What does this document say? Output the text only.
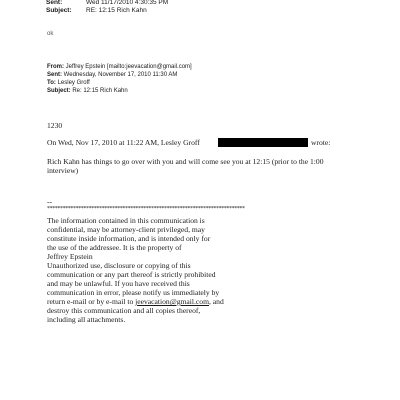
Sent:	Wed 11/17/2010 4:30:35 PM
Subject: RE: 12:15 Rich Kahn
ok
From: Jeffrey Epstein [mailto:jeevacation@gmail.com]
Sent: Wednesday, November 17, 2010 11:30 AM
To: Lesley Groff
Subject: Re: 12:15 Rich Kahn
1230
On Wed, Nov 17, 2010 at 11:22 AM, Lesley Groff	wrote:
Rich Kahn has things to go over with you and will come see you at 12:15 (prior to the 1:00
interview)
--
****************************************************************************
The information contained in this communication is
confidential, may be attorney-client privileged, may
constitute inside information, and is intended only for
the use of the addressee. It is the property of
Jeffrey Epstein
Unauthorized use, disclosure or copying of this
communication or any part thereof is strictly prohibited
and may be unlawful. If you have received this
communication in error, please notify us immediately by
return e-mail or by e-mail to jeevacation@gmail.com, and
destroy this communication and all copies thereof,
including all attachments.
